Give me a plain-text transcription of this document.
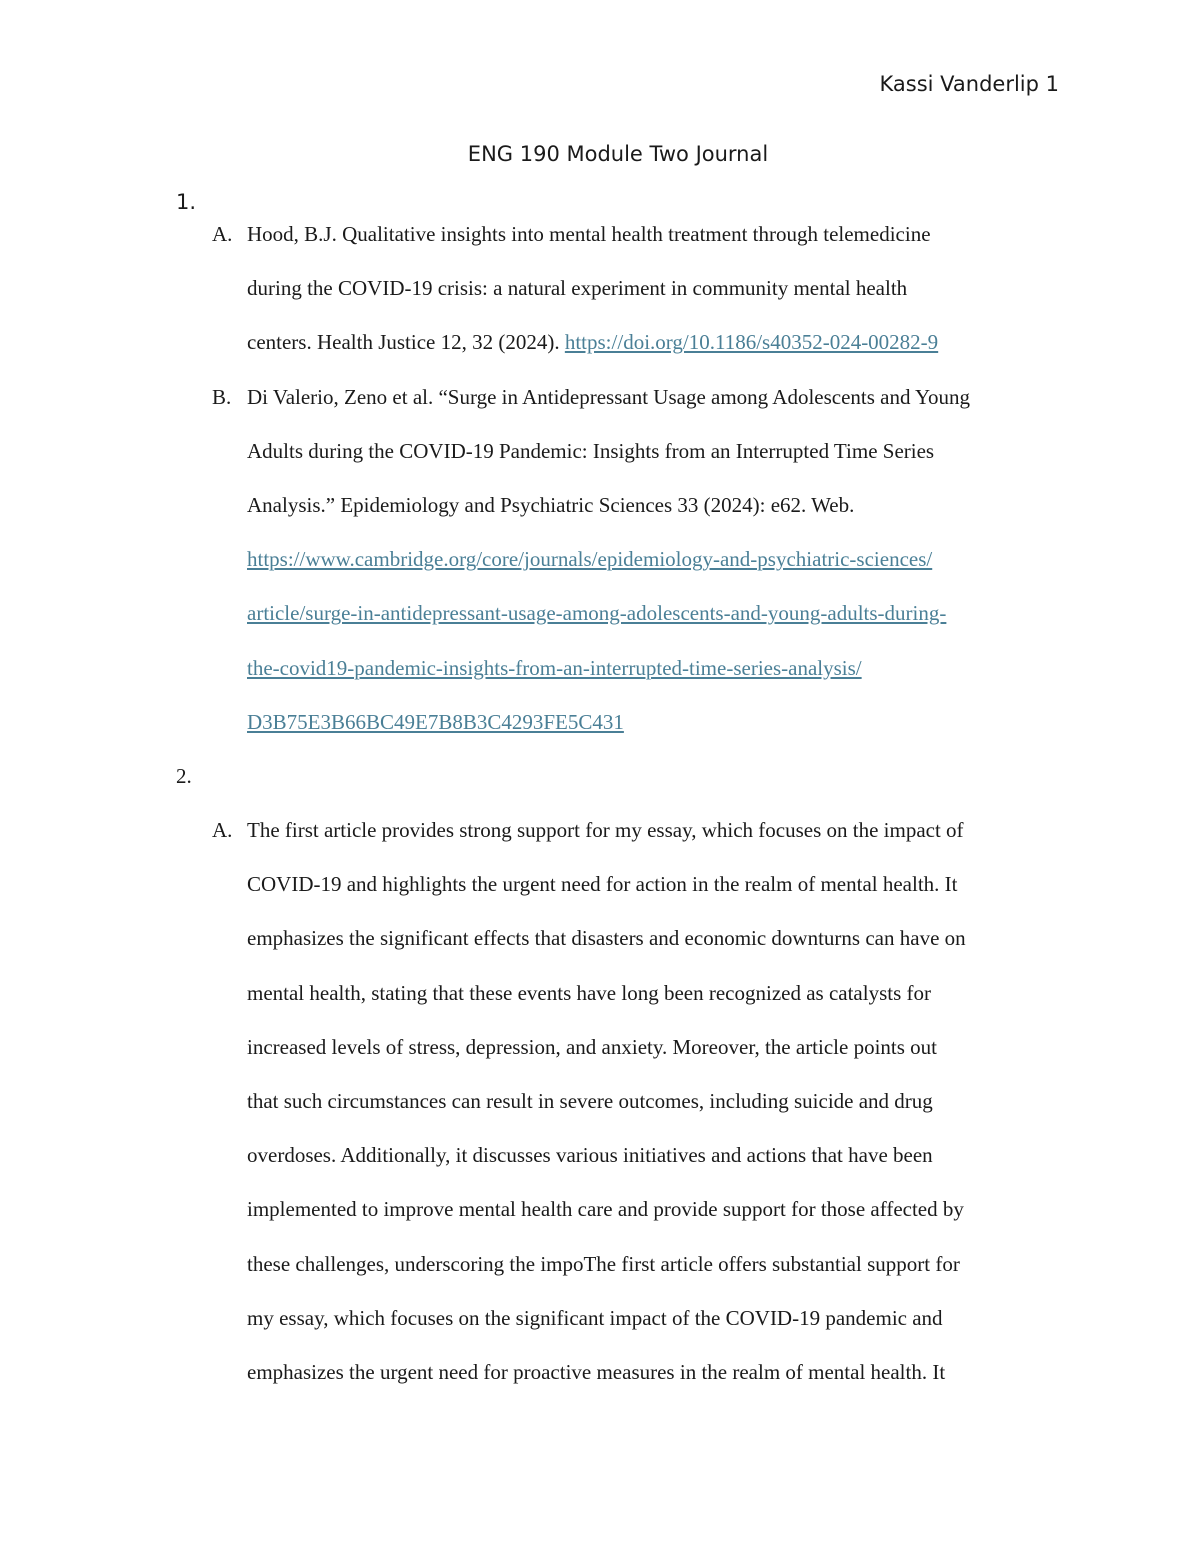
Kassi Vanderlip 1
ENG 190 Module Two Journal
1.
A. Hood, B.J. Qualitative insights into mental health treatment through telemedicine
during the COVID-19 crisis: a natural experiment in community mental health
centers. Health Justice 12, 32 (2024). https://doi.org/10.1186/s40352-024-00282-9
B. Di Valerio, Zeno et al. “Surge in Antidepressant Usage among Adolescents and Young
Adults during the COVID-19 Pandemic: Insights from an Interrupted Time Series
Analysis.” Epidemiology and Psychiatric Sciences 33 (2024): e62. Web.
https://www.cambridge.org/core/journals/epidemiology-and-psychiatric-sciences/
article/surge-in-antidepressant-usage-among-adolescents-and-young-adults-during-
the-covid19-pandemic-insights-from-an-interrupted-time-series-analysis/
D3B75E3B66BC49E7B8B3C4293FE5C431
2.
A. The first article provides strong support for my essay, which focuses on the impact of
COVID-19 and highlights the urgent need for action in the realm of mental health. It
emphasizes the significant effects that disasters and economic downturns can have on
mental health, stating that these events have long been recognized as catalysts for
increased levels of stress, depression, and anxiety. Moreover, the article points out
that such circumstances can result in severe outcomes, including suicide and drug
overdoses. Additionally, it discusses various initiatives and actions that have been
implemented to improve mental health care and provide support for those affected by
these challenges, underscoring the impoThe first article offers substantial support for
my essay, which focuses on the significant impact of the COVID-19 pandemic and
emphasizes the urgent need for proactive measures in the realm of mental health. It
